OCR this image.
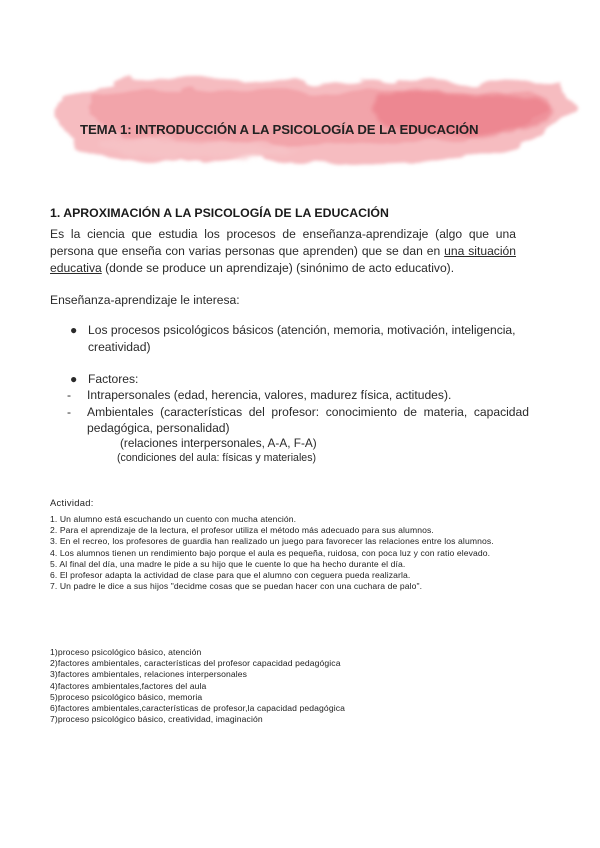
TEMA 1: INTRODUCCIÓN A LA PSICOLOGÍA DE LA EDUCACIÓN
1. APROXIMACIÓN A LA PSICOLOGÍA DE LA EDUCACIÓN
Es la ciencia que estudia los procesos de enseñanza-aprendizaje (algo que una persona que enseña con varias personas que aprenden) que se dan en una situación educativa (donde se produce un aprendizaje) (sinónimo de acto educativo).
Enseñanza-aprendizaje le interesa:
● Los procesos psicológicos básicos (atención, memoria, motivación, inteligencia, creatividad)
● Factores:
- Intrapersonales (edad, herencia, valores, madurez física, actitudes).
- Ambientales (características del profesor: conocimiento de materia, capacidad pedagógica, personalidad)
(relaciones interpersonales, A-A, F-A)
(condiciones del aula: físicas y materiales)
Actividad:
1. Un alumno está escuchando un cuento con mucha atención.
2. Para el aprendizaje de la lectura, el profesor utiliza el método más adecuado para sus alumnos.
3. En el recreo, los profesores de guardia han realizado un juego para favorecer las relaciones entre los alumnos.
4. Los alumnos tienen un rendimiento bajo porque el aula es pequeña, ruidosa, con poca luz y con ratio elevado.
5. Al final del día, una madre le pide a su hijo que le cuente lo que ha hecho durante el día.
6. El profesor adapta la actividad de clase para que el alumno con ceguera pueda realizarla.
7. Un padre le dice a sus hijos "decidme cosas que se puedan hacer con una cuchara de palo".
1)proceso psicológico básico, atención
2)factores ambientales, características del profesor capacidad pedagógica
3)factores ambientales, relaciones interpersonales
4)factores ambientales,factores del aula
5)proceso psicológico básico, memoria
6)factores ambientales,características de profesor,la capacidad pedagógica
7)proceso psicológico básico, creatividad, imaginación
